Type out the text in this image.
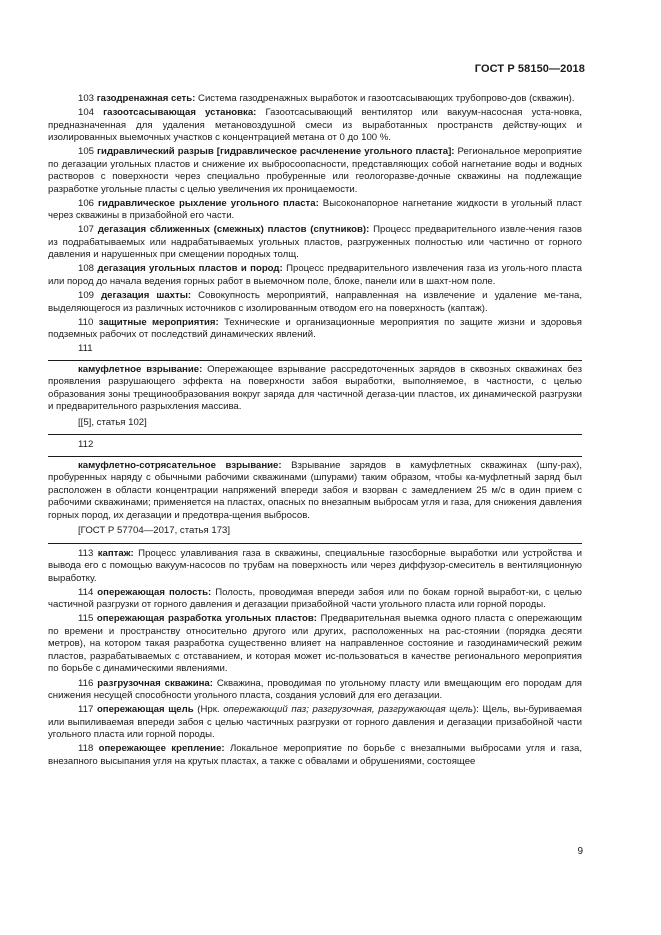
ГОСТ Р 58150—2018

103 газодренажная сеть: Система газодренажных выработок и газоотсасывающих трубопрово-дов (скважин).

104 газоотсасывающая установка: Газоотсасывающий вентилятор или вакуум-насосная уста-новка, предназначенная для удаления метановоздушной смеси из выработанных пространств действу-ющих и изолированных выемочных участков с концентрацией метана от 0 до 100 %.

105 гидравлический разрыв [гидравлическое расчленение угольного пласта]: Региональное мероприятие по дегазации угольных пластов и снижение их выбросоопасности, представляющих собой нагнетание воды и водных растворов с поверхности через специально пробуренные или геологоразве-дочные скважины на подлежащие разработке угольные пласты с целью увеличения их проницаемости.

106 гидравлическое рыхление угольного пласта: Высоконапорное нагнетание жидкости в угольный пласт через скважины в призабойной его части.

107 дегазация сближенных (смежных) пластов (спутников): Процесс предварительного извле-чения газов из подрабатываемых или надрабатываемых угольных пластов, разгруженных полностью или частично от горного давления и нарушенных при смещении породных толщ.

108 дегазация угольных пластов и пород: Процесс предварительного извлечения газа из уголь-ного пласта или пород до начала ведения горных работ в выемочном поле, блоке, панели или в шахт-ном поле.

109 дегазация шахты: Совокупность мероприятий, направленная на извлечение и удаление ме-тана, выделяющегося из различных источников с изолированным отводом его на поверхность (каптаж).

110 защитные мероприятия: Технические и организационные мероприятия по защите жизни и здоровья подземных рабочих от последствий динамических явлений.

111

камуфлетное взрывание: Опережающее взрывание рассредоточенных зарядов в сквозных скважинах без проявления разрушающего эффекта на поверхности забоя выработки, выполняемое, в частности, с целью образования зоны трещинообразования вокруг заряда для частичной дегаза-ции пластов, их динамической разгрузки и предварительного разрыхления массива.

[[5], статья 102]

112

камуфлетно-сотрясательное взрывание: Взрывание зарядов в камуфлетных скважинах (шпу-рах), пробуренных наряду с обычными рабочими скважинами (шпурами) таким образом, чтобы ка-муфлетный заряд был расположен в области концентрации напряжений впереди забоя и взорван с замедлением 25 м/с в один прием с рабочими скважинами; применяется на пластах, опасных по внезапным выбросам угля и газа, для снижения давления горных пород, их дегазации и предотвра-щения выбросов.

[ГОСТ Р 57704—2017, статья 173]

113 каптаж: Процесс улавливания газа в скважины, специальные газосборные выработки или устройства и вывода его с помощью вакуум-насосов по трубам на поверхность или через диффузор-смеситель в вентиляционную выработку.

114 опережающая полость: Полость, проводимая впереди забоя или по бокам горной выработ-ки, с целью частичной разгрузки от горного давления и дегазации призабойной части угольного пласта или горной породы.

115 опережающая разработка угольных пластов: Предварительная выемка одного пласта с опережающим по времени и пространству относительно другого или других, расположенных на рас-стоянии (порядка десяти метров), на котором такая разработка существенно влияет на направленное состояние и газодинамический режим пластов, разрабатываемых с отставанием, и которая может ис-пользоваться в качестве регионального мероприятия по борьбе с динамическими явлениями.

116 разгрузочная скважина: Скважина, проводимая по угольному пласту или вмещающим его породам для снижения несущей способности угольного пласта, создания условий для его дегазации.

117 опережающая щель (Нрк. опережающий паз; разгрузочная, разгружающая щель): Щель, вы-буриваемая или выпиливаемая впереди забоя с целью частичных разгрузки от горного давления и дегазации призабойной части угольного пласта или горной породы.

118 опережающее крепление: Локальное мероприятие по борьбе с внезапными выбросами угля и газа, внезапного высыпания угля на крутых пластах, а также с обвалами и обрушениями, состоящее

9
